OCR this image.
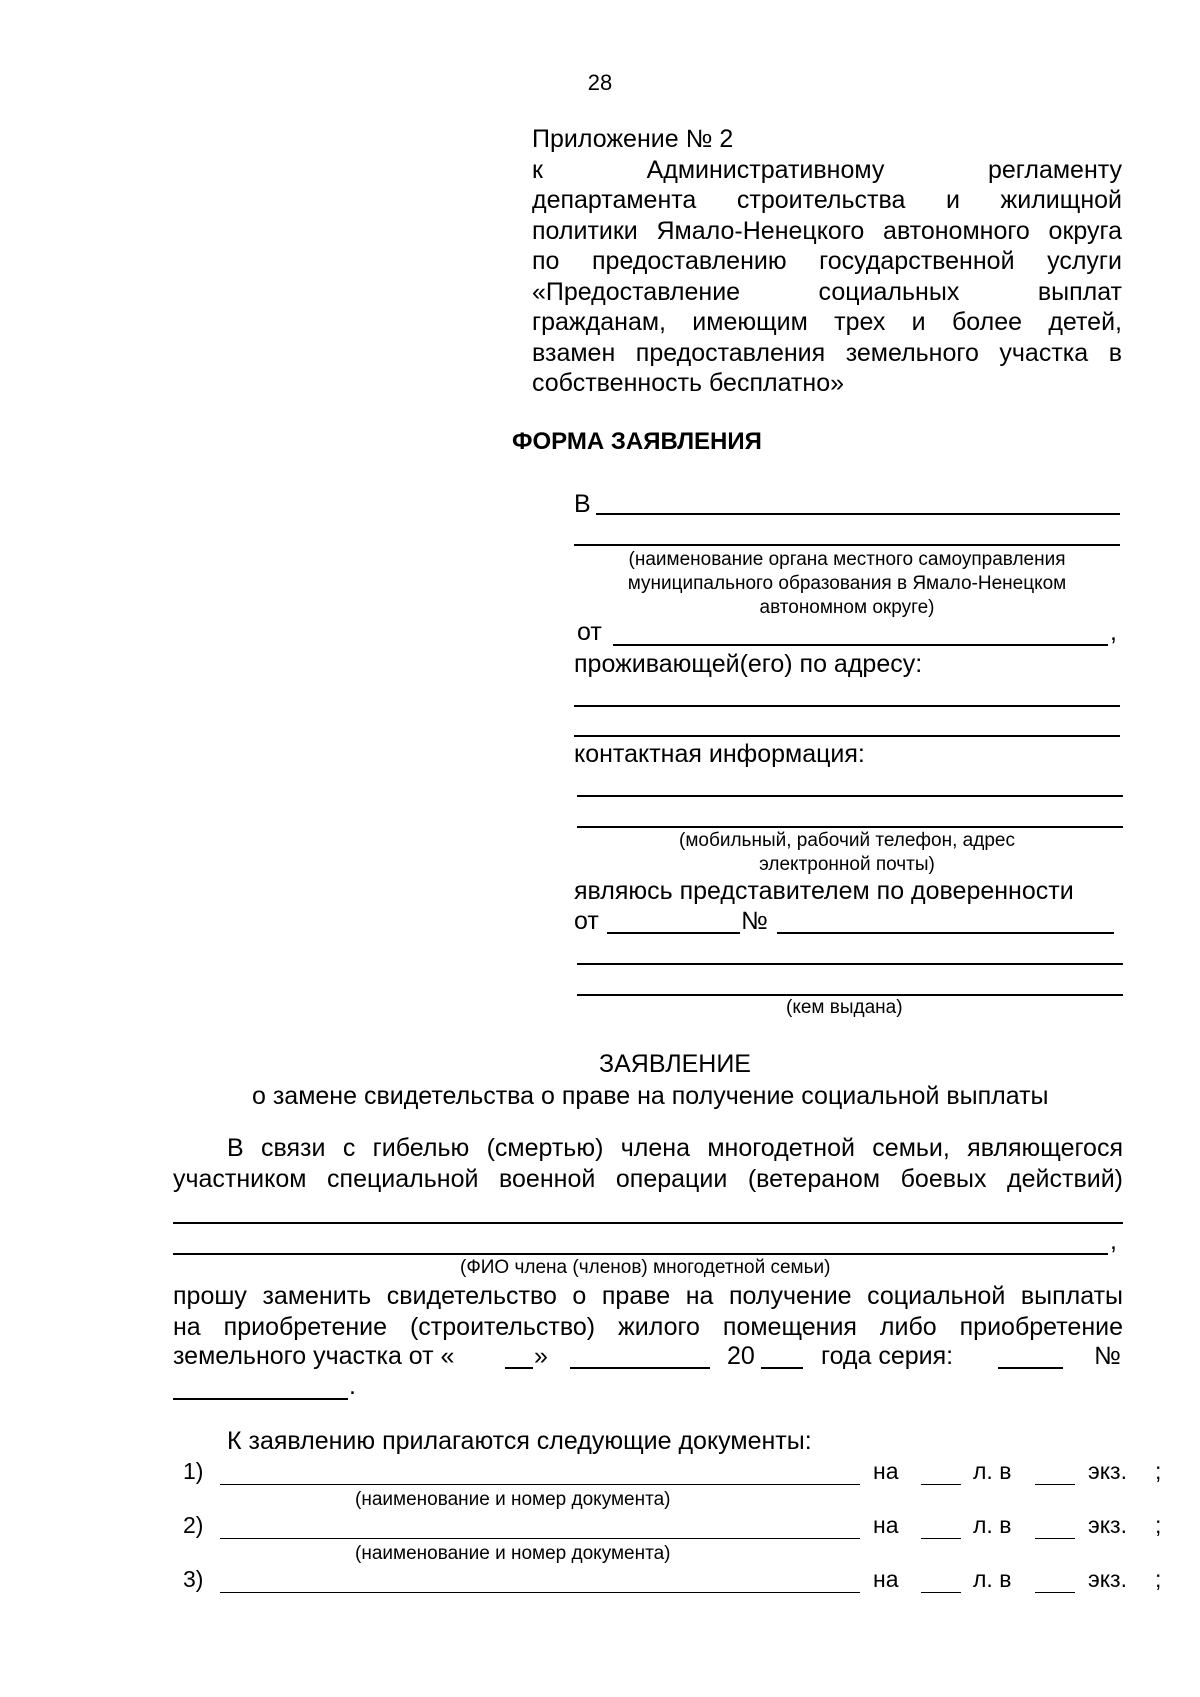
28
Приложение № 2
к Административному регламенту
департамента строительства и жилищной
политики Ямало-Ненецкого автономного округа
по предоставлению государственной услуги
«Предоставление социальных выплат
гражданам, имеющим трех и более детей,
взамен предоставления земельного участка в
собственность бесплатно»
ФОРМА ЗАЯВЛЕНИЯ
В
(наименование органа местного самоуправления муниципального образования в Ямало-Ненецком автономном округе)
от	,
проживающей(его) по адресу:
контактная информация:
(мобильный, рабочий телефон, адрес электронной почты)
являюсь представителем по доверенности
от	№
(кем выдана)
ЗАЯВЛЕНИЕ
о замене свидетельства о праве на получение социальной выплаты
В связи с гибелью (смертью) члена многодетной семьи, являющегося
участником специальной военной операции (ветераном боевых действий)
,
(ФИО члена (членов) многодетной семьи)
прошу заменить свидетельство о праве на получение социальной выплаты
на приобретение (строительство) жилого помещения либо приобретение
земельного участка от «	»	20	года серия:	№
.
К заявлению прилагаются следующие документы:
1)	на	л. в	экз. ;
(наименование и номер документа)
2)	на	л. в	экз. ;
(наименование и номер документа)
3)	на	л. в	экз. ;
